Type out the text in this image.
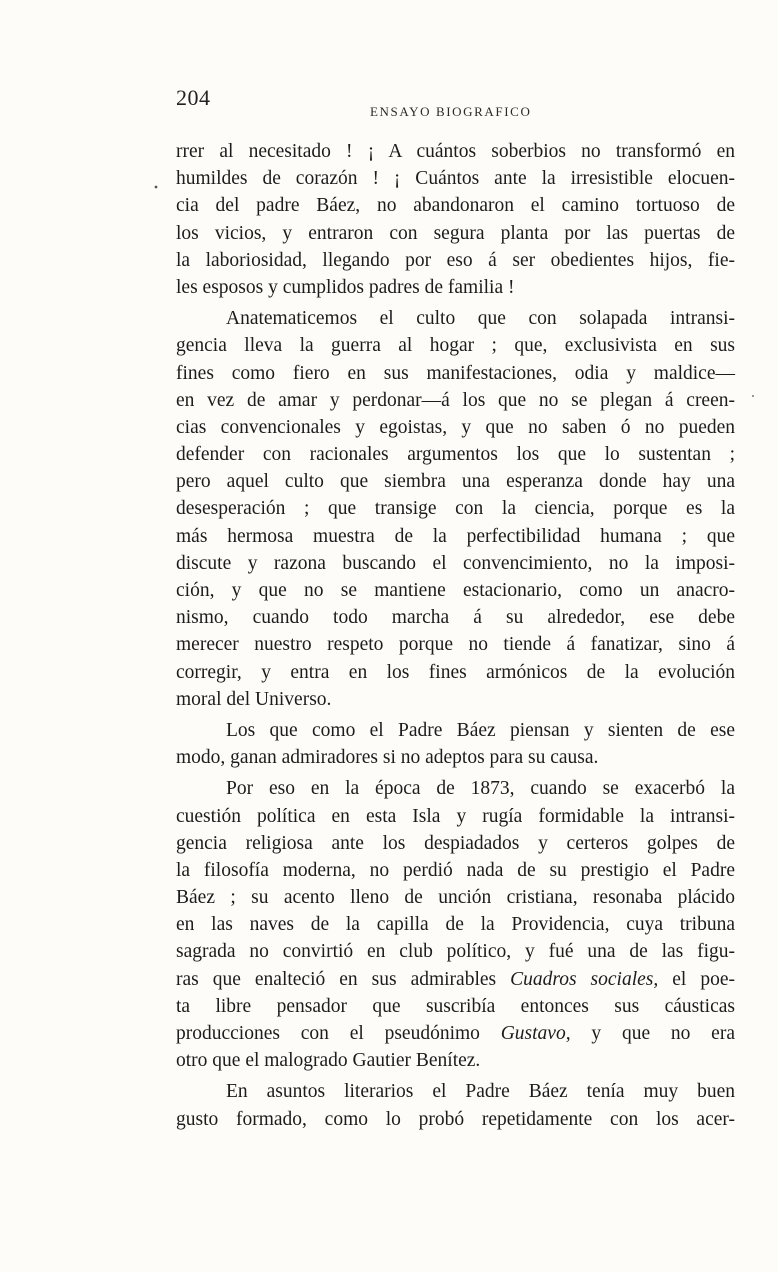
204
ENSAYO BIOGRAFICO
rrer al necesitado ! ¡ A cuántos soberbios no transformó en
humildes de corazón ! ¡ Cuántos ante la irresistible elocuen-
cia del padre Báez, no abandonaron el camino tortuoso de
los vicios, y entraron con segura planta por las puertas de
la laboriosidad, llegando por eso á ser obedientes hijos, fie-
les esposos y cumplidos padres de familia !
Anatematicemos el culto que con solapada intransi-
gencia lleva la guerra al hogar ; que, exclusivista en sus
fines como fiero en sus manifestaciones, odia y maldice—
en vez de amar y perdonar—á los que no se plegan á creen-
cias convencionales y egoistas, y que no saben ó no pueden
defender con racionales argumentos los que lo sustentan ;
pero aquel culto que siembra una esperanza donde hay una
desesperación ; que transige con la ciencia, porque es la
más hermosa muestra de la perfectibilidad humana ; que
discute y razona buscando el convencimiento, no la imposi-
ción, y que no se mantiene estacionario, como un anacro-
nismo, cuando todo marcha á su alrededor, ese debe
merecer nuestro respeto porque no tiende á fanatizar, sino á
corregir, y entra en los fines armónicos de la evolución
moral del Universo.
Los que como el Padre Báez piensan y sienten de ese
modo, ganan admiradores si no adeptos para su causa.
Por eso en la época de 1873, cuando se exacerbó la
cuestión política en esta Isla y rugía formidable la intransi-
gencia religiosa ante los despiadados y certeros golpes de
la filosofía moderna, no perdió nada de su prestigio el Padre
Báez ; su acento lleno de unción cristiana, resonaba plácido
en las naves de la capilla de la Providencia, cuya tribuna
sagrada no convirtió en club político, y fué una de las figu-
ras que enalteció en sus admirables Cuadros sociales, el poe-
ta libre pensador que suscribía entonces sus cáusticas
producciones con el pseudónimo Gustavo, y que no era
otro que el malogrado Gautier Benítez.
En asuntos literarios el Padre Báez tenía muy buen
gusto formado, como lo probó repetidamente con los acer-
